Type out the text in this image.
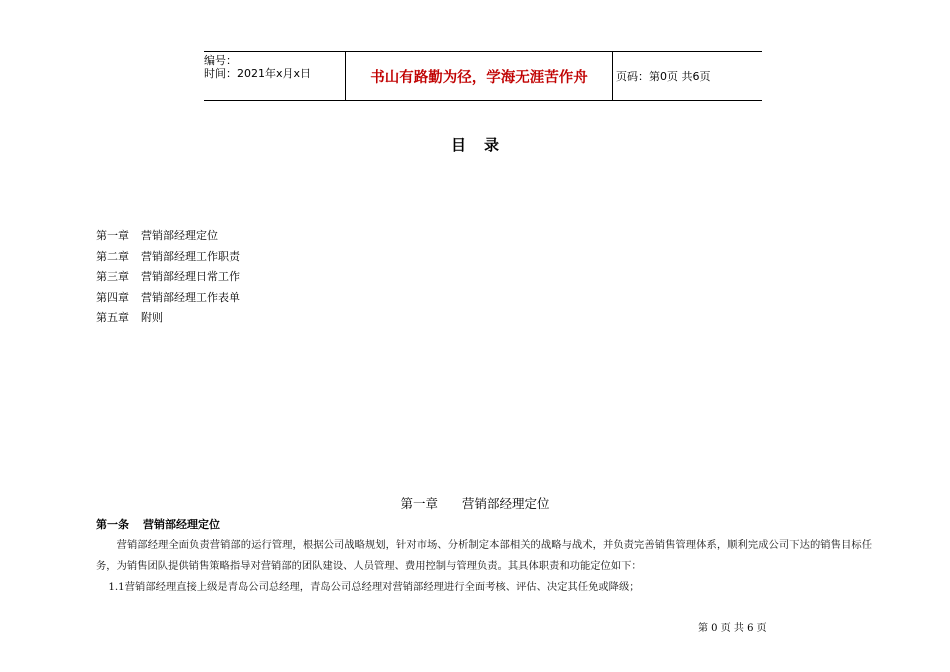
编号：
时间：2021年x月x日	书山有路勤为径，学海无涯苦作舟	页码：第0页 共6页
目录
第一章 营销部经理定位
第二章 营销部经理工作职责
第三章 营销部经理日常工作
第四章 营销部经理工作表单
第五章 附则
第一章 营销部经理定位
第一条 营销部经理定位

营销部经理全面负责营销部的运行管理，根据公司战略规划，针对市场、分析制定本部相关的战略与战术，并负责完善销售管理体系，顺利完成公司下达的销售目标任务，为销售团队提供销售策略指导对营销部的团队建设、人员管理、费用控制与管理负责。其具体职责和功能定位如下：

1.1营销部经理直接上级是青岛公司总经理，青岛公司总经理对营销部经理进行全面考核、评估、决定其任免或降级；

第 0 页 共 6 页
